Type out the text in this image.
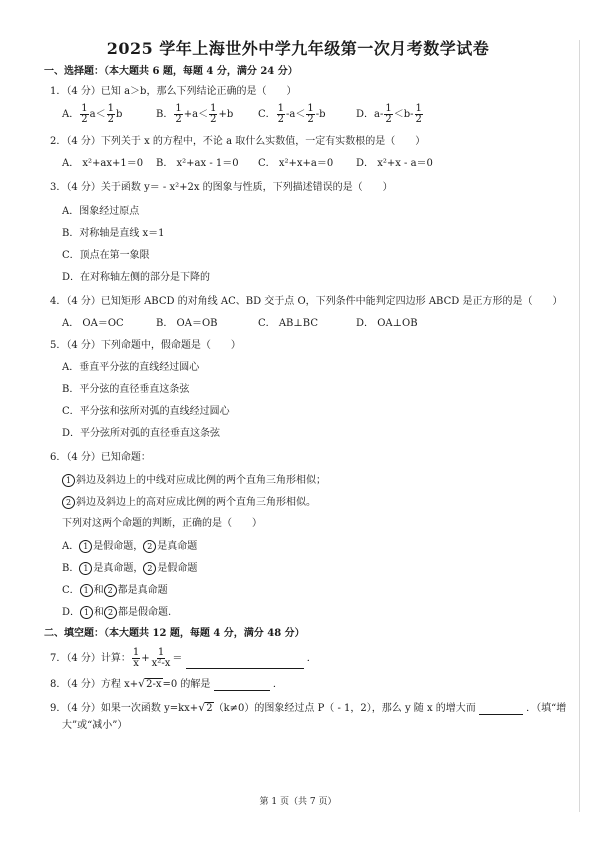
2025 学年上海世外中学九年级第一次月考数学试卷
一、选择题：（本大题共 6 题，每题 4 分，满分 24 分）
1．（4 分）已知 a＞b，那么下列结论正确的是（　　）
A． $\frac{1}{2} a< \frac{1}{2}$ b	B． $\frac{1}{2} +a< \frac{1}{2} +b$ C． $\frac{1}{2} -a< \frac{1}{2} -b$	D．$a- \frac{1}{2} <b- \frac{1}{2}$
2．（4 分）下列关于 x 的方程中，不论 a 取什么实数值，一定有实数根的是（　　）
A． x²+ax+1＝0 B． x²+ax - 1＝0 C． x²+x+a＝0 D． x²+x - a＝0
3．（4 分）关于函数 y＝ - x²+2x 的图象与性质，下列描述错误的是（　　）
A．图象经过原点
B．对称轴是直线 x＝1
C．顶点在第一象限
D．在对称轴左侧的部分是下降的
4．（4 分）已知矩形 ABCD 的对角线 AC、BD 交于点 O，下列条件中能判定四边形 ABCD 是正方形的是（　　）
A． OA＝OC	B． OA＝OB	C． AB⊥BC	D． OA⊥OB
5．（4 分）下列命题中，假命题是（　　）
A．垂直平分弦的直线经过圆心
B．平分弦的直径垂直这条弦
C．平分弦和弦所对弧的直线经过圆心
D．平分弦所对弧的直径垂直这条弦
6．（4 分）已知命题：
1 斜边及斜边上的中线对应成比例的两个直角三角形相似；
2 斜边及斜边上的高对应成比例的两个直角三角形相似。
下列对这两个命题的判断，正确的是（　　）
A． 1 是假命题， 2 是真命题
B． 1 是真命题， 2 是假命题
C． 1 和 2 都是真命题
D． 1 和 2 都是假命题.
二、填空题：（本大题共 12 题，每题 4 分，满分 48 分）
7．（4 分）计算： $\frac{1}{x} + \frac{1}{\text{x²-x}}$ ＝	．
8．（4 分）方程 x+√2-x=0 的解是	．
9．（4 分）如果一次函数 y=kx+√2（k≠0）的图象经过点 P（ - 1，2），那么 y 随 x 的增大而	．（填“增
大”或“减小”）
第 1 页（共 7 页）
